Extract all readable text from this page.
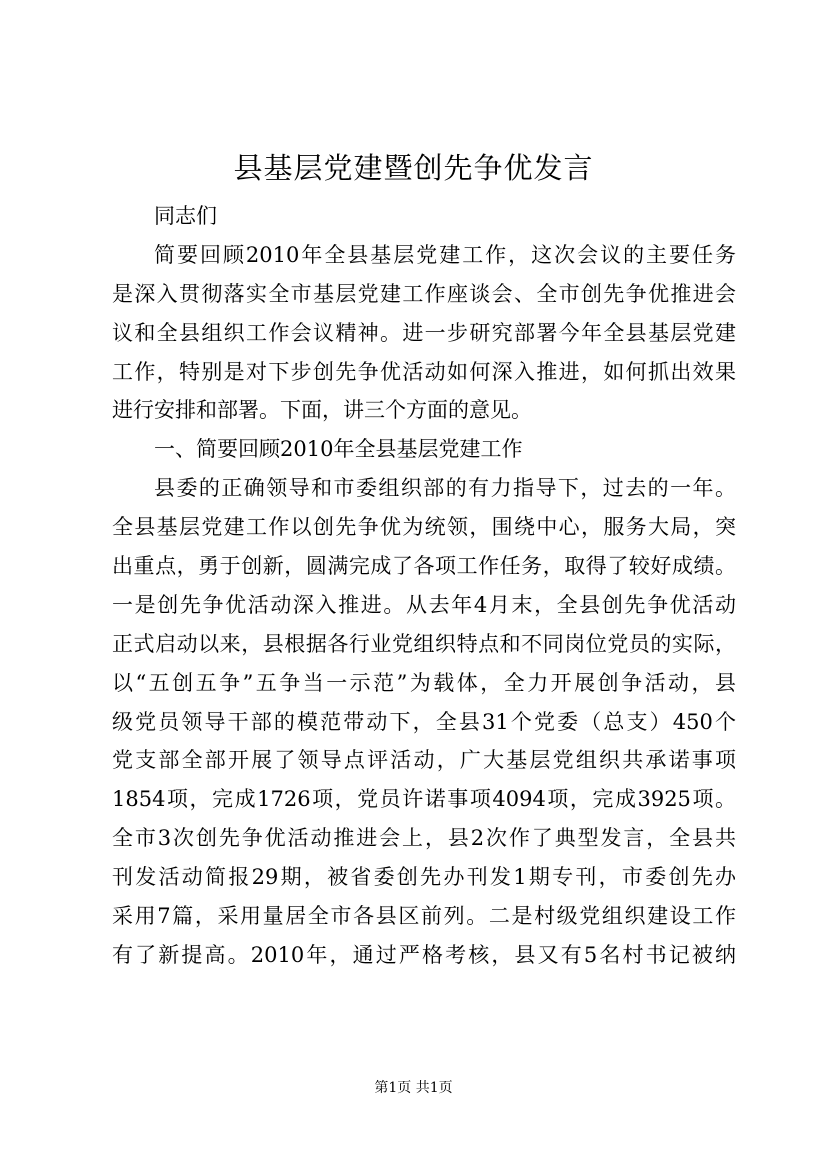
县基层党建暨创先争优发言
同志们
简要回顾2010年全县基层党建工作，这次会议的主要任务
是深入贯彻落实全市基层党建工作座谈会、全市创先争优推进会
议和全县组织工作会议精神。进一步研究部署今年全县基层党建
工作，特别是对下步创先争优活动如何深入推进，如何抓出效果
进行安排和部署。下面，讲三个方面的意见。
一、简要回顾2010年全县基层党建工作
县委的正确领导和市委组织部的有力指导下，过去的一年。
全县基层党建工作以创先争优为统领，围绕中心，服务大局，突
出重点，勇于创新，圆满完成了各项工作任务，取得了较好成绩。
一是创先争优活动深入推进。从去年4月末，全县创先争优活动
正式启动以来，县根据各行业党组织特点和不同岗位党员的实际，
以“五创五争”五争当一示范”为载体，全力开展创争活动，县
级党员领导干部的模范带动下，全县31个党委（总支）450个
党支部全部开展了领导点评活动，广大基层党组织共承诺事项
1854项，完成1726项，党员许诺事项4094项，完成3925项。
全市3次创先争优活动推进会上，县2次作了典型发言，全县共
刊发活动简报29期，被省委创先办刊发1期专刊，市委创先办
采用7篇，采用量居全市各县区前列。二是村级党组织建设工作
有了新提高。2010年，通过严格考核，县又有5名村书记被纳
第1页 共1页
